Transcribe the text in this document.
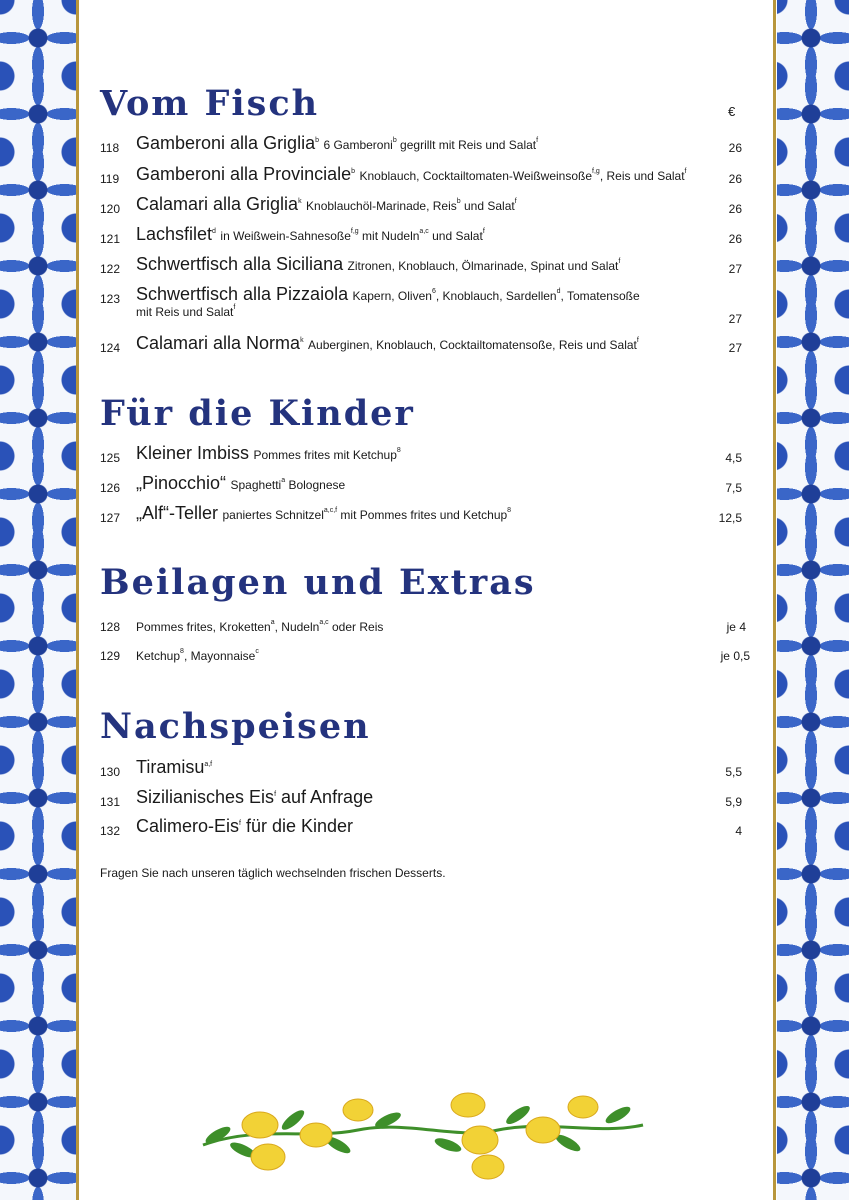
Vom Fisch	€
118 Gamberoni alla Griglia$^b$ 6 Gamberoni$^b$ gegrillt mit Reis und Salat$^f$
26
119 Gamberoni alla Provinciale$^b$ Knoblauch, Cocktailtomaten-Weißweinsoße$^{f,g}$, Reis und Salat$^f$
26
120 Calamari alla Griglia$^k$ Knoblauchöl-Marinade, Reis$^b$ und Salat$^f$
26
121 Lachsfilet$^d$ in Weißwein-Sahnesoße$^{f,g}$ mit Nudeln$^{a,c}$ und Salat$^f$
26
122 Schwertfisch alla Siciliana Zitronen, Knoblauch, Ölmarinade, Spinat und Salat$^f$
27
123 Schwertfisch alla Pizzaiola Kapern, Oliven$^6$, Knoblauch, Sardellen$^d$, Tomatensoße
mit Reis und Salat$^f$
27
124 Calamari alla Norma$^k$ Auberginen, Knoblauch, Cocktailtomatensoße, Reis und Salat$^f$
27
Für die Kinder
125 Kleiner Imbiss Pommes frites mit Ketchup$^8$
4,5
126 „Pinocchio“ Spaghetti$^a$ Bolognese	7,5
127 „Alf“-Teller paniertes Schnitzel$^{a,c,f}$ mit Pommes frites und Ketchup$^8$
12,5
Beilagen und Extras
128 Pommes frites, Kroketten$^a$, Nudeln$^{a,c}$ oder Reis	je 4
129 Ketchup$^8$, Mayonnaise$^c$	je 0,5
Nachspeisen
130 Tiramisu$^{a,f}$
5,5
131 Sizilianisches Eis$^f$ auf Anfrage	5,9
132 Calimero-Eis$^f$ für die Kinder	4
Fragen Sie nach unseren täglich wechselnden frischen Desserts.
